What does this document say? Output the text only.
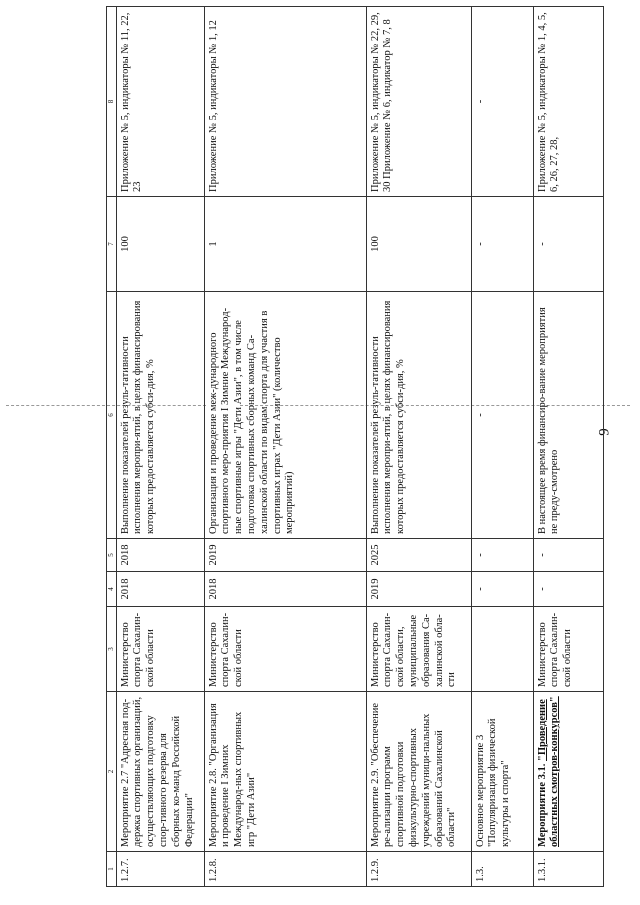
9
1	2	3	4	5	6	7	8
1.2.7.	Мероприятие 2.7 "Адресная под-держка спортивных организаций, осуществляющих подготовку спор-тивного резерва для сборных ко-манд Российской Федерации"	Министерство спорта Сахалин-ской области	2018	2018	Выполнение показателей резуль-тативности исполнения меропри-ятий, в целях финансирования которых предоставляется субси-дия, %	100	Приложение № 5, индикаторы № 11, 22, 23
1.2.8.	Мероприятие 2.8. "Организация и проведение I Зимних Международ-ных спортивных игр "Дети Азии"	Министерство спорта Сахалин-ской области	2018	2019	Организация и проведение меж-дународного спортивного меро-приятия I Зимние Международ-ные спортивные игры "Дети Азии", в том числе подготовка спортивных сборных команд Са-халинской области по видам спорта для участия в спортивных играх "Дети Азии" (количество мероприятий)	1	Приложение № 5, индикаторы № 1, 12
1.2.9.	Мероприятие 2.9. "Обеспечение ре-ализации программ спортивной подготовки физкультурно-спортивных учреждений муници-пальных образований Сахалинской области"	Министерство спорта Сахалин-ской области, муниципальные образования Са-халинской обла-сти	2019	2025	Выполнение показателей резуль-тативности исполнения меропри-ятий, в целях финансирования которых предоставляется субси-дия, %	100	Приложение № 5, индикаторы № 22, 29, 30 Приложение № 6, индикатор № 7, 8
1.3.	Основное мероприятие 3 "Популяризация физической культуры и спорта"		-	-	-	-	-
1.3.1.	Мероприятие 3.1. "Проведение областных смотров-конкурсов"	Министерство спорта Сахалин-ской области	-	-	В настоящее время финансиро-вание мероприятия не преду-смотрено	-	Приложение № 5, индикаторы № 1, 4, 5, 6, 26, 27, 28,
